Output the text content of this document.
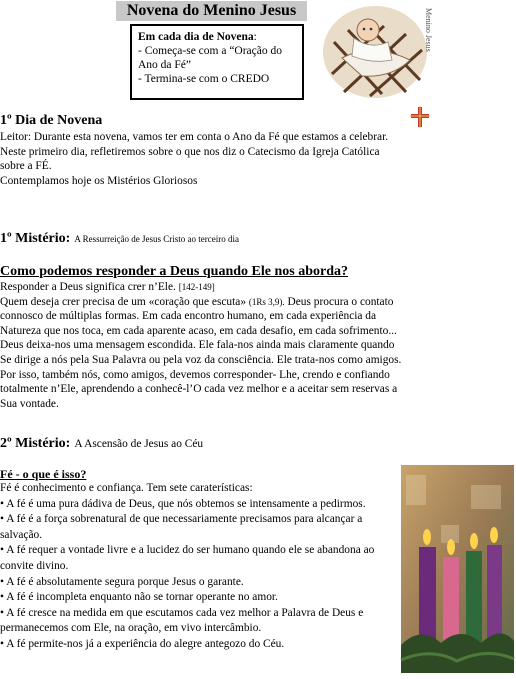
Novena do Menino Jesus
Em cada dia de Novena:
- Começa-se com a “Oração do
Ano da Fé”
- Termina-se com o CREDO
Menino Jesus
1º Dia de Novena
Leitor: Durante esta novena, vamos ter em conta o Ano da Fé que estamos a celebrar.
Neste primeiro dia, refletiremos sobre o que nos diz o Catecismo da Igreja Católica
sobre a FÉ.
Contemplamos hoje os Mistérios Gloriosos
1º Mistério: A Ressurreição de Jesus Cristo ao terceiro dia
Como podemos responder a Deus quando Ele nos aborda?
Responder a Deus significa crer n’Ele. [142-149]
Quem deseja crer precisa de um «coração que escuta» (1Rs 3,9). Deus procura o contato
connosco de múltiplas formas. Em cada encontro humano, em cada experiência da
Natureza que nos toca, em cada aparente acaso, em cada desafio, em cada sofrimento...
Deus deixa-nos uma mensagem escondida. Ele fala-nos ainda mais claramente quando
Se dirige a nós pela Sua Palavra ou pela voz da consciência. Ele trata-nos como amigos.
Por isso, também nós, como amigos, devemos corresponder- Lhe, crendo e confiando
totalmente n’Ele, aprendendo a conhecê-l’O cada vez melhor e a aceitar sem reservas a
Sua vontade.
2º Mistério: A Ascensão de Jesus ao Céu
Fé - o que é isso?
Fé é conhecimento e confiança. Tem sete caraterísticas:
• A fé é uma pura dádiva de Deus, que nós obtemos se intensamente a pedirmos.
• A fé é a força sobrenatural de que necessariamente precisamos para alcançar a
salvação.
• A fé requer a vontade livre e a lucidez do ser humano quando ele se abandona ao
convite divino.
• A fé é absolutamente segura porque Jesus o garante.
• A fé é incompleta enquanto não se tornar operante no amor.
• A fé cresce na medida em que escutamos cada vez melhor a Palavra de Deus e
permanecemos com Ele, na oração, em vivo intercâmbio.
• A fé permite-nos já a experiência do alegre antegozo do Céu.
